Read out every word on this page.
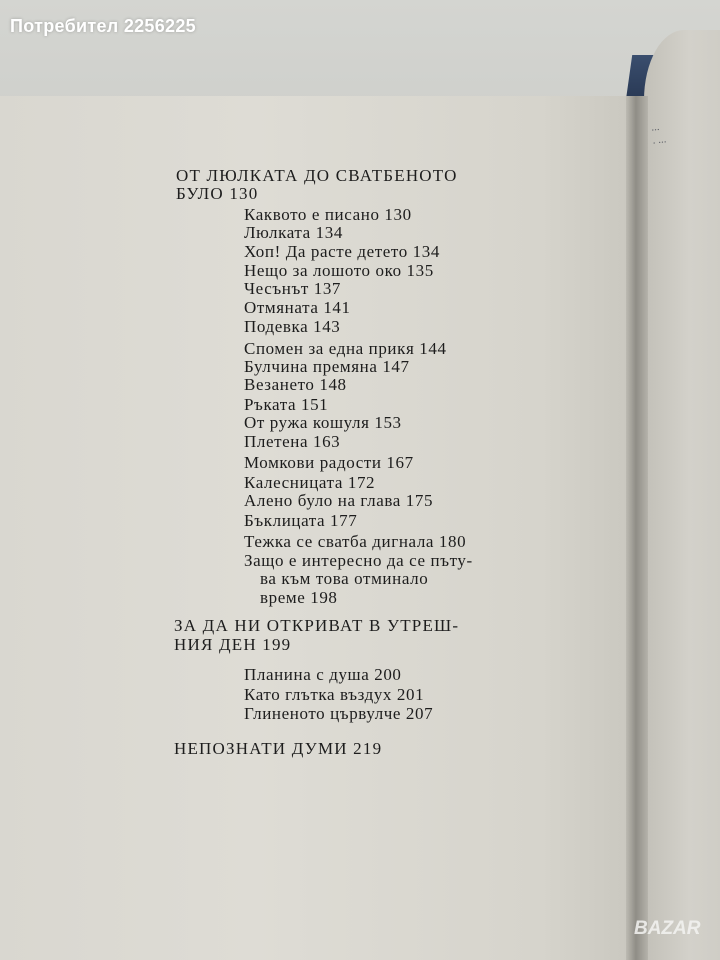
...
. ...
Потребител 2256225
BAZAR
ОТ ЛЮЛКАТА ДО СВАТБЕНОТО
БУЛО 130
Каквото е писано 130
Люлката 134
Хоп! Да расте детето 134
Нещо за лошото око 135
Чесънът 137
Отмяната 141
Подевка 143
Спомен за една прикя 144
Булчина премяна 147
Везането 148
Ръката 151
От ружа кошуля 153
Плетена 163
Момкови радости 167
Калесницата 172
Алено було на глава 175
Бъклицата 177
Тежка се сватба дигнала 180
Защо е интересно да се пъту-
ва към това отминало
време 198
ЗА ДА НИ ОТКРИВАТ В УТРЕШ-
НИЯ ДЕН 199
Планина с душа 200
Като глътка въздух 201
Глиненото цървулче 207
НЕПОЗНАТИ ДУМИ 219
